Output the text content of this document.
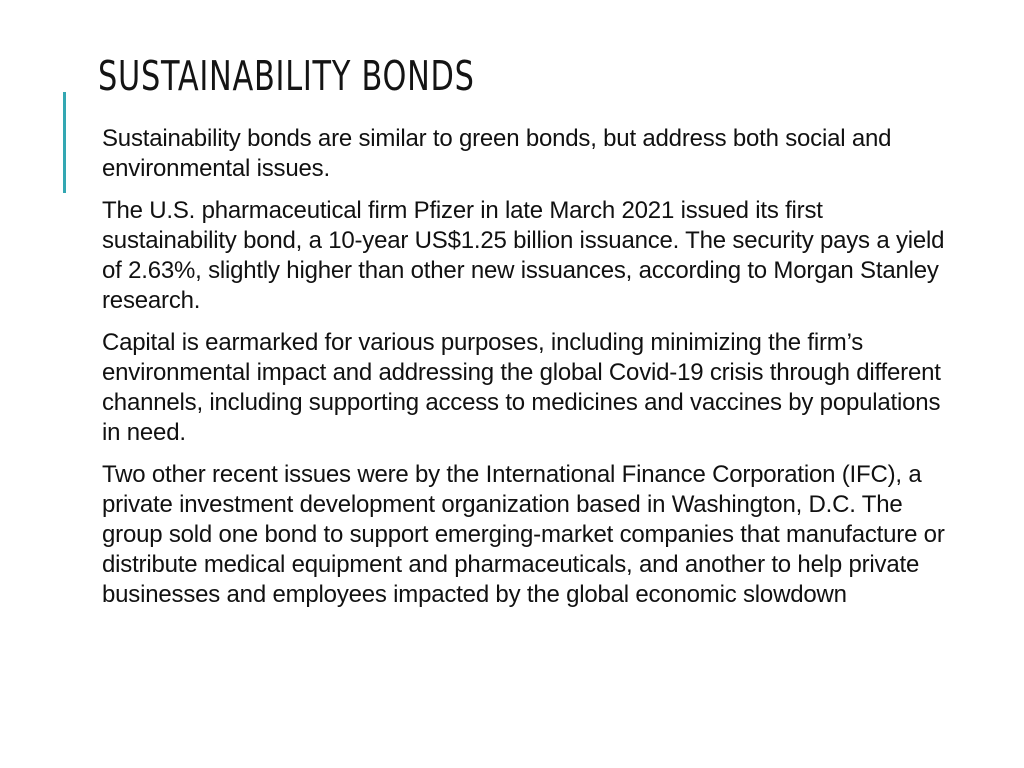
SUSTAINABILITY BONDS

Sustainability bonds are similar to green bonds, but address both social and environmental issues.

The U.S. pharmaceutical firm Pfizer in late March 2021 issued its first sustainability bond, a 10-year US$1.25 billion issuance. The security pays a yield of 2.63%, slightly higher than other new issuances, according to Morgan Stanley research.

Capital is earmarked for various purposes, including minimizing the firm’s environmental impact and addressing the global Covid-19 crisis through different channels, including supporting access to medicines and vaccines by populations in need.

Two other recent issues were by the International Finance Corporation (IFC), a private investment development organization based in Washington, D.C. The group sold one bond to support emerging-market companies that manufacture or distribute medical equipment and pharmaceuticals, and another to help private businesses and employees impacted by the global economic slowdown
